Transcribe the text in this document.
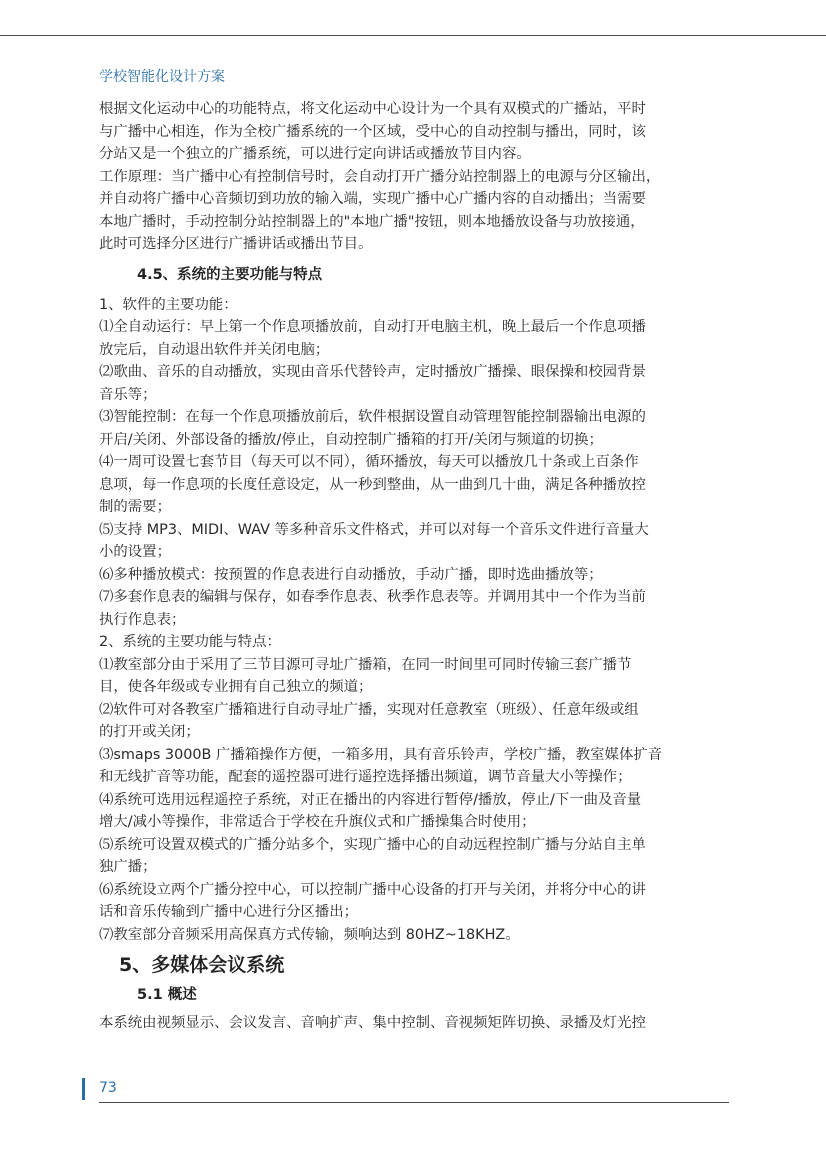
学校智能化设计方案

根据文化运动中心的功能特点，将文化运动中心设计为一个具有双模式的广播站，平时

与广播中心相连，作为全校广播系统的一个区域，受中心的自动控制与播出，同时，该

分站又是一个独立的广播系统，可以进行定向讲话或播放节目内容。

工作原理：当广播中心有控制信号时，会自动打开广播分站控制器上的电源与分区输出，

并自动将广播中心音频切到功放的输入端，实现广播中心广播内容的自动播出；当需要

本地广播时，手动控制分站控制器上的"本地广播"按钮，则本地播放设备与功放接通，

此时可选择分区进行广播讲话或播出节目。

4.5、系统的主要功能与特点

1、软件的主要功能：

⑴全自动运行：早上第一个作息项播放前，自动打开电脑主机，晚上最后一个作息项播

放完后，自动退出软件并关闭电脑；

⑵歌曲、音乐的自动播放，实现由音乐代替铃声，定时播放广播操、眼保操和校园背景

音乐等；

⑶智能控制：在每一个作息项播放前后，软件根据设置自动管理智能控制器输出电源的

开启/关闭、外部设备的播放/停止，自动控制广播箱的打开/关闭与频道的切换；

⑷一周可设置七套节目（每天可以不同），循环播放，每天可以播放几十条或上百条作

息项，每一作息项的长度任意设定，从一秒到整曲，从一曲到几十曲，满足各种播放控

制的需要；

⑸支持 MP3、MIDI、WAV 等多种音乐文件格式，并可以对每一个音乐文件进行音量大

小的设置；

⑹多种播放模式：按预置的作息表进行自动播放，手动广播，即时选曲播放等；

⑺多套作息表的编辑与保存，如春季作息表、秋季作息表等。并调用其中一个作为当前

执行作息表；

2、系统的主要功能与特点：

⑴教室部分由于采用了三节目源可寻址广播箱，在同一时间里可同时传输三套广播节

目，使各年级或专业拥有自己独立的频道；

⑵软件可对各教室广播箱进行自动寻址广播，实现对任意教室（班级）、任意年级或组

的打开或关闭；

⑶smaps 3000B 广播箱操作方便，一箱多用，具有音乐铃声，学校广播，教室媒体扩音

和无线扩音等功能，配套的遥控器可进行遥控选择播出频道，调节音量大小等操作；

⑷系统可选用远程遥控子系统，对正在播出的内容进行暂停/播放，停止/下一曲及音量

增大/减小等操作，非常适合于学校在升旗仪式和广播操集合时使用；

⑸系统可设置双模式的广播分站多个，实现广播中心的自动远程控制广播与分站自主单

独广播；

⑹系统设立两个广播分控中心，可以控制广播中心设备的打开与关闭，并将分中心的讲

话和音乐传输到广播中心进行分区播出；

⑺教室部分音频采用高保真方式传输，频响达到 80HZ~18KHZ。

5、多媒体会议系统
5.1 概述

本系统由视频显示、会议发言、音响扩声、集中控制、音视频矩阵切换、录播及灯光控

73
